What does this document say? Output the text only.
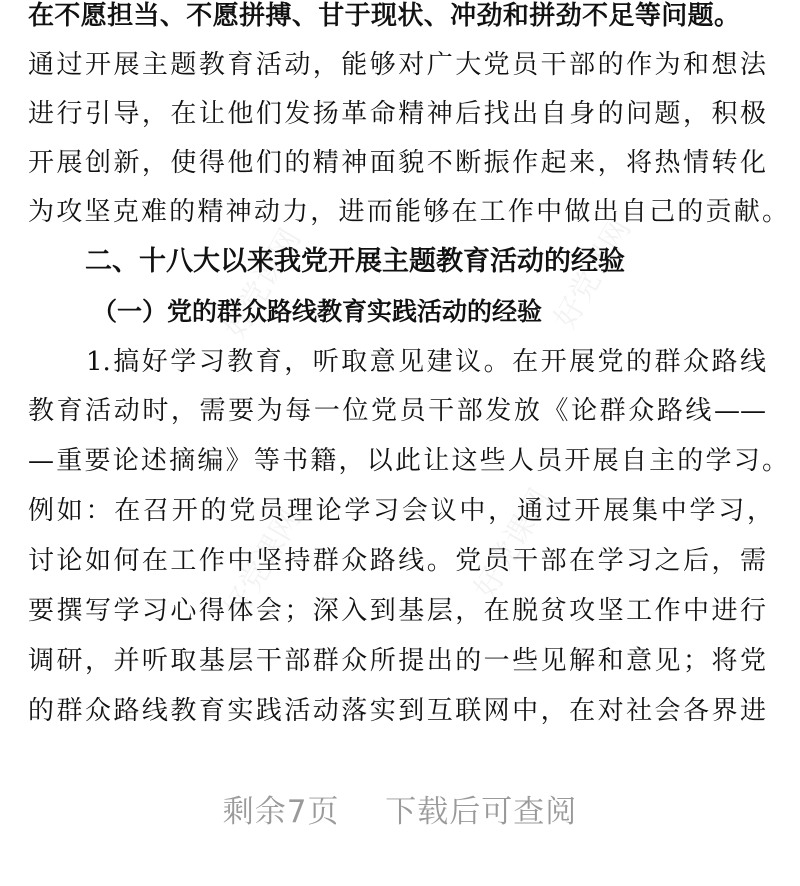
好党课网	好党课网
好党课网	好党课网
在不愿担当、不愿拼搏、甘于现状、冲劲和拼劲不足等问题。
通过开展主题教育活动，能够对广大党员干部的作为和想法
进行引导，在让他们发扬革命精神后找出自身的问题，积极
开展创新，使得他们的精神面貌不断振作起来，将热情转化
为攻坚克难的精神动力，进而能够在工作中做出自己的贡献。
二、十八大以来我党开展主题教育活动的经验
（一）党的群众路线教育实践活动的经验
1.搞好学习教育，听取意见建议。在开展党的群众路线
教育活动时，需要为每一位党员干部发放《论群众路线——
—重要论述摘编》等书籍，以此让这些人员开展自主的学习。
例如：在召开的党员理论学习会议中，通过开展集中学习，
讨论如何在工作中坚持群众路线。党员干部在学习之后，需
要撰写学习心得体会；深入到基层，在脱贫攻坚工作中进行
调研，并听取基层干部群众所提出的一些见解和意见；将党
的群众路线教育实践活动落实到互联网中，在对社会各界进
剩余7页 下载后可查阅
